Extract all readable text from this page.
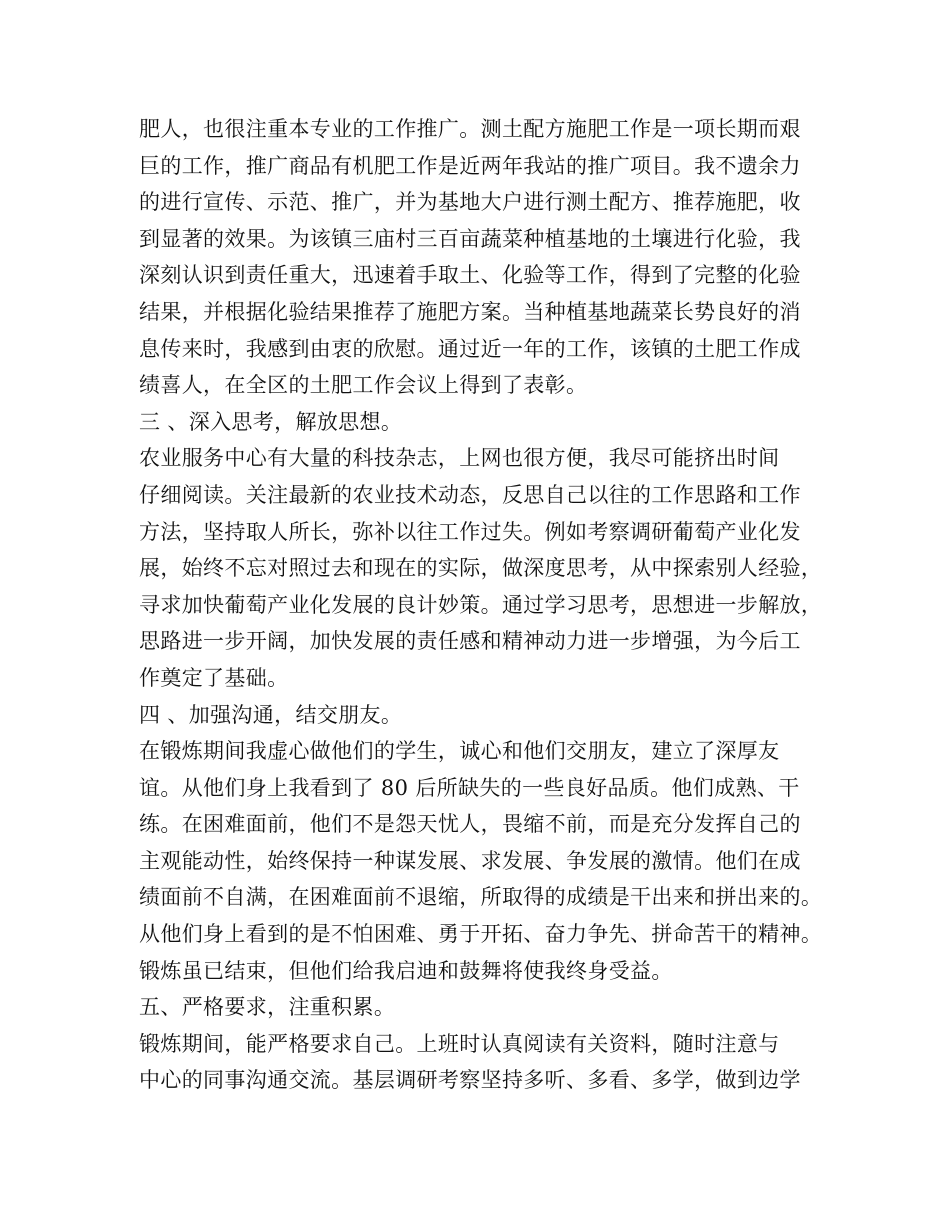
肥人，也很注重本专业的工作推广。测土配方施肥工作是一项长期而艰
巨的工作，推广商品有机肥工作是近两年我站的推广项目。我不遗余力
的进行宣传、示范、推广，并为基地大户进行测土配方、推荐施肥，收
到显著的效果。为该镇三庙村三百亩蔬菜种植基地的土壤进行化验，我
深刻认识到责任重大，迅速着手取土、化验等工作，得到了完整的化验
结果，并根据化验结果推荐了施肥方案。当种植基地蔬菜长势良好的消
息传来时，我感到由衷的欣慰。通过近一年的工作，该镇的土肥工作成
绩喜人，在全区的土肥工作会议上得到了表彰。
三 、深入思考，解放思想。
农业服务中心有大量的科技杂志，上网也很方便，我尽可能挤出时间
仔细阅读。关注最新的农业技术动态，反思自己以往的工作思路和工作
方法，坚持取人所长，弥补以往工作过失。例如考察调研葡萄产业化发
展，始终不忘对照过去和现在的实际，做深度思考，从中探索别人经验，
寻求加快葡萄产业化发展的良计妙策。通过学习思考，思想进一步解放，
思路进一步开阔，加快发展的责任感和精神动力进一步增强，为今后工
作奠定了基础。
四 、加强沟通，结交朋友。
在锻炼期间我虚心做他们的学生，诚心和他们交朋友，建立了深厚友
谊。从他们身上我看到了 80 后所缺失的一些良好品质。他们成熟、干
练。在困难面前，他们不是怨天忧人，畏缩不前，而是充分发挥自己的
主观能动性，始终保持一种谋发展、求发展、争发展的激情。他们在成
绩面前不自满，在困难面前不退缩，所取得的成绩是干出来和拼出来的。
从他们身上看到的是不怕困难、勇于开拓、奋力争先、拼命苦干的精神。
锻炼虽已结束，但他们给我启迪和鼓舞将使我终身受益。
五、严格要求，注重积累。
锻炼期间，能严格要求自己。上班时认真阅读有关资料，随时注意与
中心的同事沟通交流。基层调研考察坚持多听、多看、多学，做到边学
